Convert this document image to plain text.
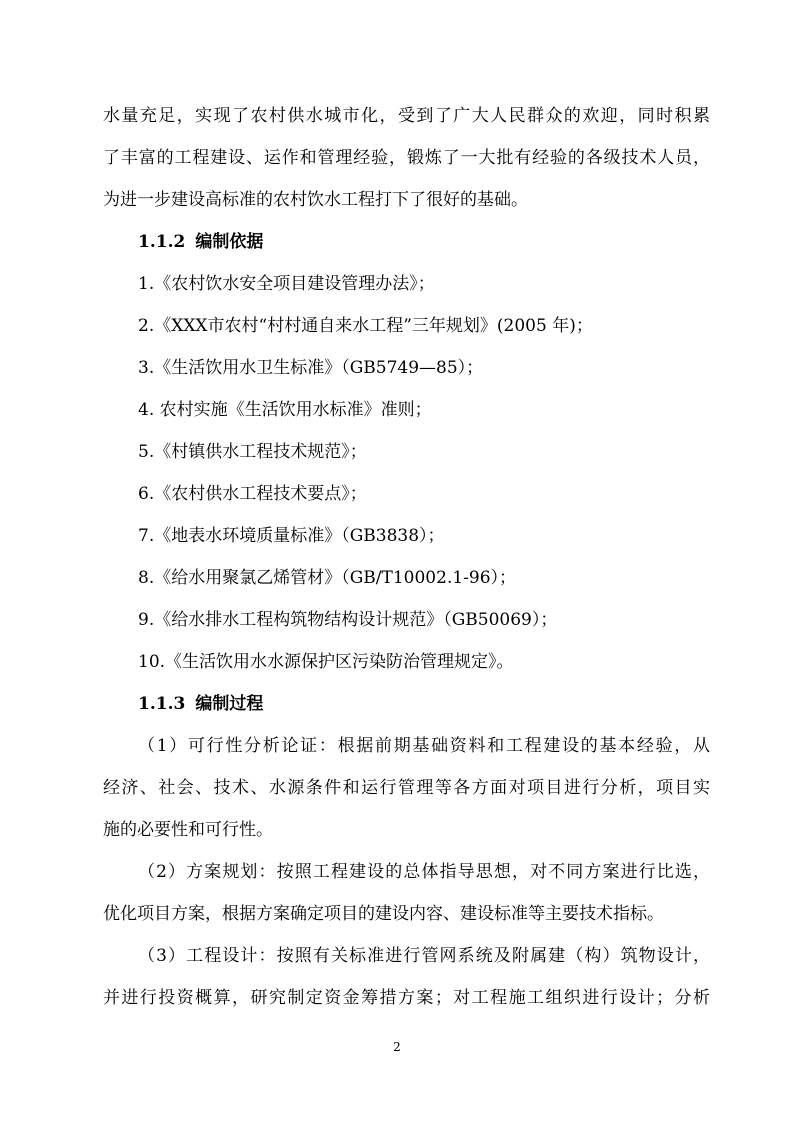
水量充足，实现了农村供水城市化，受到了广大人民群众的欢迎，同时积累
了丰富的工程建设、运作和管理经验，锻炼了一大批有经验的各级技术人员，
为进一步建设高标准的农村饮水工程打下了很好的基础。
1.1.2 编制依据
1.《农村饮水安全项目建设管理办法》；
2.《XXX市农村“村村通自来水工程”三年规划》(2005 年)；
3.《生活饮用水卫生标准》（GB5749—85）；
4. 农村实施《生活饮用水标准》准则；
5.《村镇供水工程技术规范》；
6.《农村供水工程技术要点》；
7.《地表水环境质量标准》（GB3838）；
8.《给水用聚氯乙烯管材》（GB/T10002.1-96）；
9.《给水排水工程构筑物结构设计规范》（GB50069）；
10.《生活饮用水水源保护区污染防治管理规定》。
1.1.3 编制过程
（1）可行性分析论证：根据前期基础资料和工程建设的基本经验，从
经济、社会、技术、水源条件和运行管理等各方面对项目进行分析，项目实
施的必要性和可行性。
（2）方案规划：按照工程建设的总体指导思想，对不同方案进行比选，
优化项目方案，根据方案确定项目的建设内容、建设标准等主要技术指标。
（3）工程设计：按照有关标准进行管网系统及附属建（构）筑物设计，
并进行投资概算，研究制定资金筹措方案；对工程施工组织进行设计；分析
2
